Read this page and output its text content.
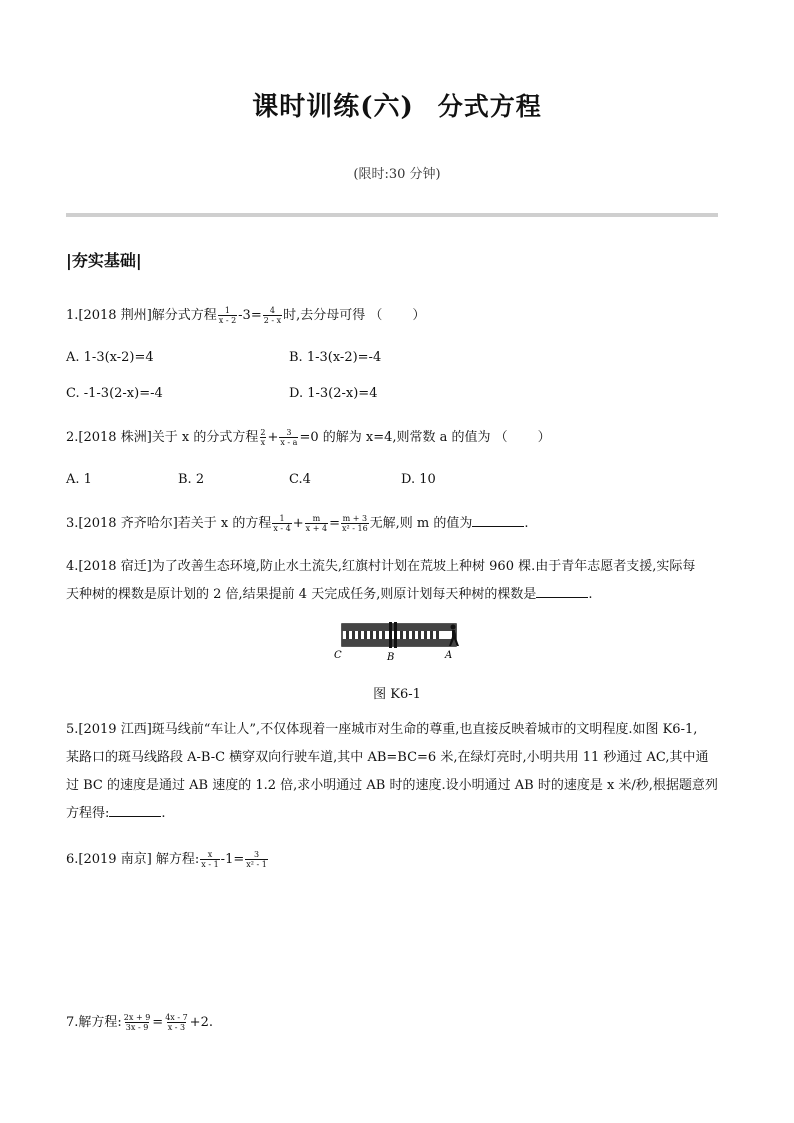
课时训练(六) 分式方程
(限时:30 分钟)
|夯实基础|
1.[2018 荆州]解分式方程 $\frac{1}{x - 2} -3= \frac{4}{2 - x}$ 时,去分母可得 （ ）
A. 1-3(x-2)=4	B. 1-3(x-2)=-4
C. -1-3(2-x)=-4	D. 1-3(2-x)=4
2.[2018 株洲]关于 x 的分式方程 $\frac{2}{x} + \frac{3}{x - a} =0$ 的解为 x=4,则常数 a 的值为 （ ）
A. 1	B. 2	C.4	D. 10
3.[2018 齐齐哈尔]若关于 x 的方程 $\frac{1}{x - 4} + \frac{m}{x + 4} = \frac{m + 3}{\text{x² - 16}}$ 无解,则 m 的值为	.
4.[2018 宿迁]为了改善生态环境,防止水土流失,红旗村计划在荒坡上种树 960 棵.由于青年志愿者支援,实际每
天种树的棵数是原计划的 2 倍,结果提前 4 天完成任务,则原计划每天种树的棵数是	.
C	B	A
图 K6-1
5.[2019 江西]斑马线前“车让人”,不仅体现着一座城市对生命的尊重,也直接反映着城市的文明程度.如图 K6-1,
某路口的斑马线路段 A-B-C 横穿双向行驶车道,其中 AB=BC=6 米,在绿灯亮时,小明共用 11 秒通过 AC,其中通
过 BC 的速度是通过 AB 速度的 1.2 倍,求小明通过 AB 时的速度.设小明通过 AB 时的速度是 x 米/秒,根据题意列
方程得:	.
6.[2019 南京] 解方程: $\frac{x}{x - 1} -1= \frac{3}{\text{x² - 1}}$
7.解方程: $\frac{2x + 9}{3x - 9} = \frac{4x - 7}{x - 3} +2$.
